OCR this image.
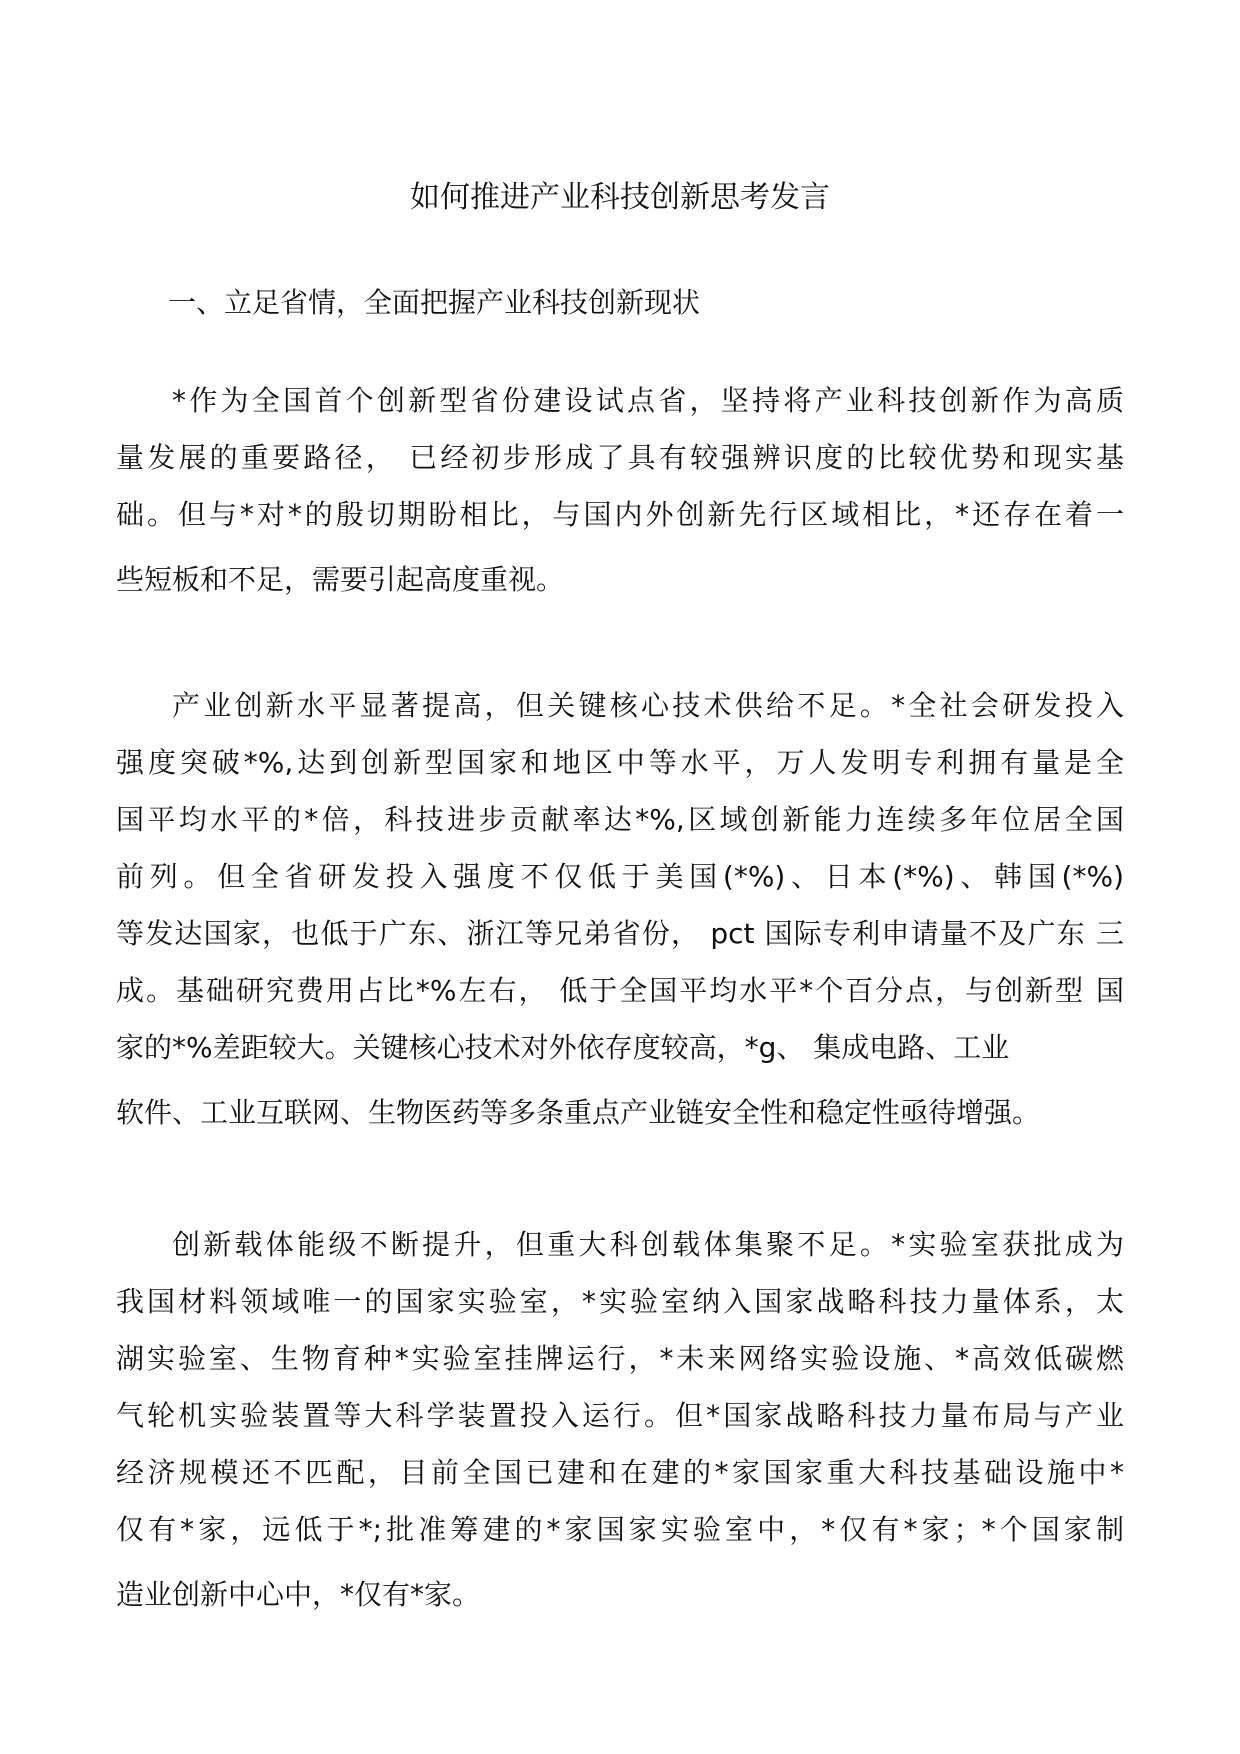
如何推进产业科技创新思考发言
一、立足省情，全面把握产业科技创新现状
*作为全国首个创新型省份建设试点省，坚持将产业科技创新作为高质
量发展的重要路径， 已经初步形成了具有较强辨识度的比较优势和现实基
础。但与*对*的殷切期盼相比，与国内外创新先行区域相比，*还存在着一
些短板和不足，需要引起高度重视。
产业创新水平显著提高，但关键核心技术供给不足。*全社会研发投入
强度突破*%,达到创新型国家和地区中等水平，万人发明专利拥有量是全
国平均水平的*倍，科技进步贡献率达*%,区域创新能力连续多年位居全国
前列。但全省研发投入强度不仅低于美国(*%)、日本(*%)、韩国(*%)
等发达国家，也低于广东、浙江等兄弟省份， pct 国际专利申请量不及广东 三
成。基础研究费用占比*%左右， 低于全国平均水平*个百分点，与创新型 国
家的*%差距较大。关键核心技术对外依存度较高，*g、 集成电路、工业
软件、工业互联网、生物医药等多条重点产业链安全性和稳定性亟待增强。
创新载体能级不断提升，但重大科创载体集聚不足。*实验室获批成为
我国材料领域唯一的国家实验室，*实验室纳入国家战略科技力量体系，太
湖实验室、生物育种*实验室挂牌运行，*未来网络实验设施、*高效低碳燃
气轮机实验装置等大科学装置投入运行。但*国家战略科技力量布局与产业
经济规模还不匹配，目前全国已建和在建的*家国家重大科技基础设施中*
仅有*家，远低于*;批准筹建的*家国家实验室中，*仅有*家；*个国家制
造业创新中心中，*仅有*家。
